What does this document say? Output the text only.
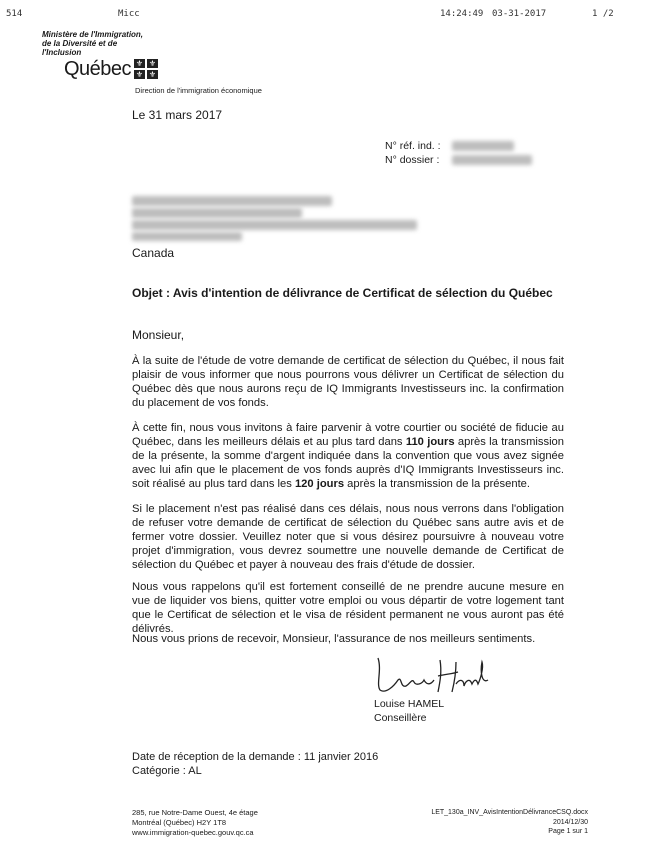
514	Micc	14:24:49 03-31-2017	1 /2
Ministère de l'Immigration, de la Diversité et de l'Inclusion
Québec ⚜ ⚜
⚜ ⚜
Direction de l'immigration économique
Le 31 mars 2017
N° réf. ind. :
N° dossier :
Canada
Objet : Avis d'intention de délivrance de Certificat de sélection du Québec
Monsieur,
À la suite de l'étude de votre demande de certificat de sélection du Québec, il nous fait plaisir de vous informer que nous pourrons vous délivrer un Certificat de sélection du Québec dès que nous aurons reçu de IQ Immigrants Investisseurs inc. la confirmation du placement de vos fonds.
À cette fin, nous vous invitons à faire parvenir à votre courtier ou société de fiducie au Québec, dans les meilleurs délais et au plus tard dans 110 jours après la transmission de la présente, la somme d'argent indiquée dans la convention que vous avez signée avec lui afin que le placement de vos fonds auprès d'IQ Immigrants Investisseurs inc. soit réalisé au plus tard dans les 120 jours après la transmission de la présente.
Si le placement n'est pas réalisé dans ces délais, nous nous verrons dans l'obligation de refuser votre demande de certificat de sélection du Québec sans autre avis et de fermer votre dossier. Veuillez noter que si vous désirez poursuivre à nouveau votre projet d'immigration, vous devrez soumettre une nouvelle demande de Certificat de sélection du Québec et payer à nouveau des frais d'étude de dossier.
Nous vous rappelons qu'il est fortement conseillé de ne prendre aucune mesure en vue de liquider vos biens, quitter votre emploi ou vous départir de votre logement tant que le Certificat de sélection et le visa de résident permanent ne vous auront pas été délivrés.
Nous vous prions de recevoir, Monsieur, l'assurance de nos meilleurs sentiments.
Louise HAMEL
Conseillère
Date de réception de la demande : 11 janvier 2016
Catégorie : AL
285, rue Notre-Dame Ouest, 4e étage
Montréal (Québec) H2Y 1T8
www.immigration-quebec.gouv.qc.ca
LET_130a_INV_AvisIntentionDélivranceCSQ.docx
2014/12/30
Page 1 sur 1
